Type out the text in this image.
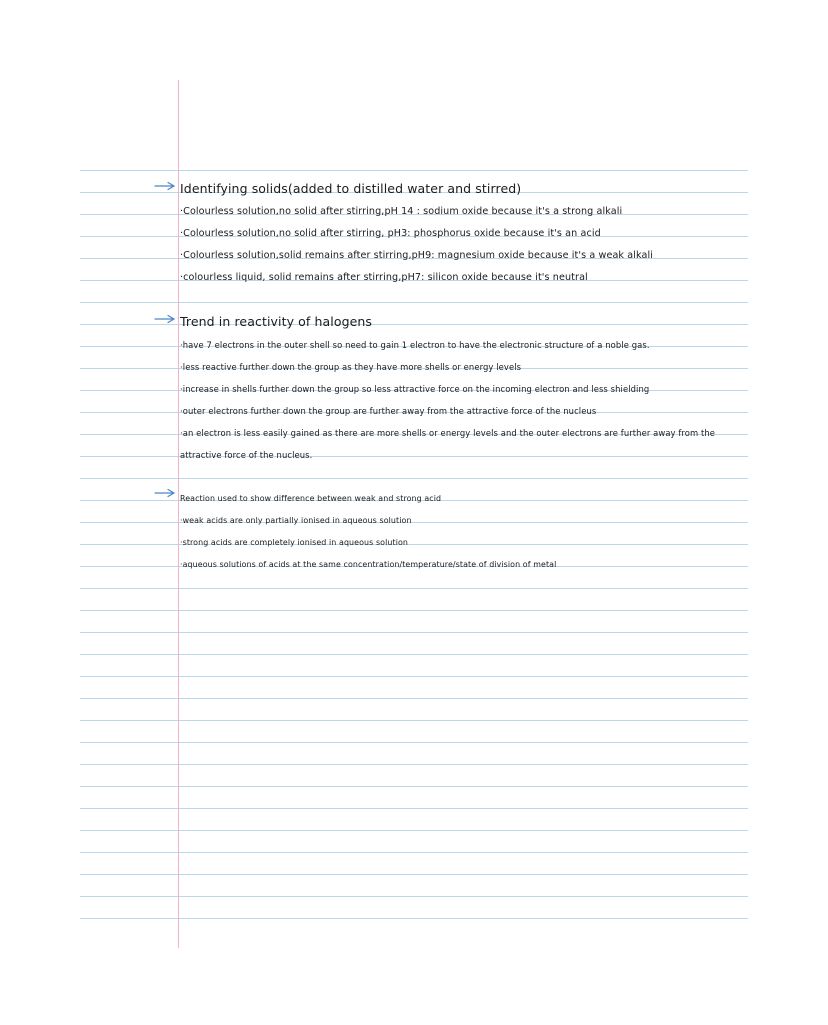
Identifying solids(added to distilled water and stirred)
·Colourless solution,no solid after stirring,pH 14 : sodium oxide because it's a strong alkali
·Colourless solution,no solid after stirring, pH3: phosphorus oxide because it's an acid
·Colourless solution,solid remains after stirring,pH9: magnesium oxide because it's a weak alkali
·colourless liquid, solid remains after stirring,pH7: silicon oxide because it's neutral
Trend in reactivity of halogens
·have 7 electrons in the outer shell so need to gain 1 electron to have the electronic structure of a noble gas.
·less reactive further down the group as they have more shells or energy levels
·increase in shells further down the group so less attractive force on the incoming electron and less shielding
·outer electrons further down the group are further away from the attractive force of the nucleus
·an electron is less easily gained as there are more shells or energy levels and the outer electrons are further away from the
attractive force of the nucleus.
Reaction used to show difference between weak and strong acid
·weak acids are only partially ionised in aqueous solution
·strong acids are completely ionised in aqueous solution
·aqueous solutions of acids at the same concentration/temperature/state of division of metal
